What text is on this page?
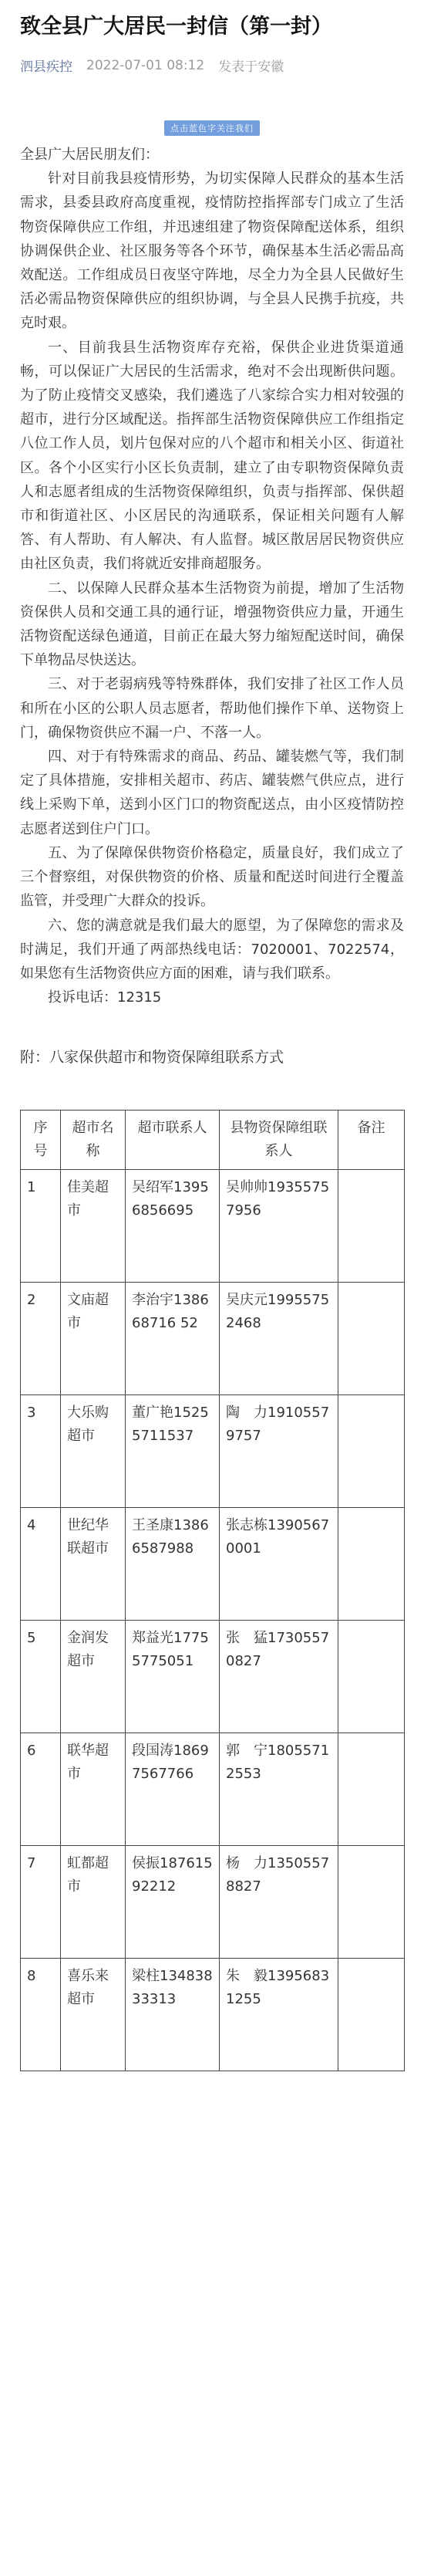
致全县广大居民一封信（第一封）
泗县疾控 2022-07-01 08:12 发表于安徽
点击蓝色字关注我们

全县广大居民朋友们：

针对目前我县疫情形势，为切实保障人民群众的基本生活需求，县委县政府高度重视，疫情防控指挥部专门成立了生活物资保障供应工作组，并迅速组建了物资保障配送体系，组织协调保供企业、社区服务等各个环节，确保基本生活必需品高效配送。工作组成员日夜坚守阵地，尽全力为全县人民做好生活必需品物资保障供应的组织协调，与全县人民携手抗疫，共克时艰。

一、目前我县生活物资库存充裕，保供企业进货渠道通畅，可以保证广大居民的生活需求，绝对不会出现断供问题。为了防止疫情交叉感染，我们遴选了八家综合实力相对较强的超市，进行分区域配送。指挥部生活物资保障供应工作组指定八位工作人员，划片包保对应的八个超市和相关小区、街道社区。各个小区实行小区长负责制，建立了由专职物资保障负责人和志愿者组成的生活物资保障组织，负责与指挥部、保供超市和街道社区、小区居民的沟通联系，保证相关问题有人解答、有人帮助、有人解决、有人监督。城区散居居民物资供应由社区负责，我们将就近安排商超服务。

二、以保障人民群众基本生活物资为前提，增加了生活物资保供人员和交通工具的通行证，增强物资供应力量，开通生活物资配送绿色通道，目前正在最大努力缩短配送时间，确保下单物品尽快送达。

三、对于老弱病残等特殊群体，我们安排了社区工作人员和所在小区的公职人员志愿者，帮助他们操作下单、送物资上门，确保物资供应不漏一户、不落一人。

四、对于有特殊需求的商品、药品、罐装燃气等，我们制定了具体措施，安排相关超市、药店、罐装燃气供应点，进行线上采购下单，送到小区门口的物资配送点，由小区疫情防控志愿者送到住户门口。

五、为了保障保供物资价格稳定，质量良好，我们成立了三个督察组，对保供物资的价格、质量和配送时间进行全覆盖监管，并受理广大群众的投诉。

六、您的满意就是我们最大的愿望，为了保障您的需求及时满足，我们开通了两部热线电话：7020001、7022574，如果您有生活物资供应方面的困难，请与我们联系。

投诉电话：12315

附：八家保供超市和物资保障组联系方式
序号	超市名称	超市联系人	县物资保障组联系人	备注
1	佳美超市	吴绍军13956856695	吴帅帅19355757956	
2	文庙超市	李治宇138668716 52	吴庆元19955752468	
3	大乐购超市	董广艳15255711537	陶　力19105579757	
4	世纪华联超市	王圣康13866587988	张志栋13905670001	
5	金润发超市	郑益光17755775051	张　猛17305570827	
6	联华超市	段国涛18697567766	郭　宁18055712553	
7	虹都超市	侯振18761592212	杨　力13505578827	
8	喜乐来超市	梁柱13483833313	朱　毅13956831255	
